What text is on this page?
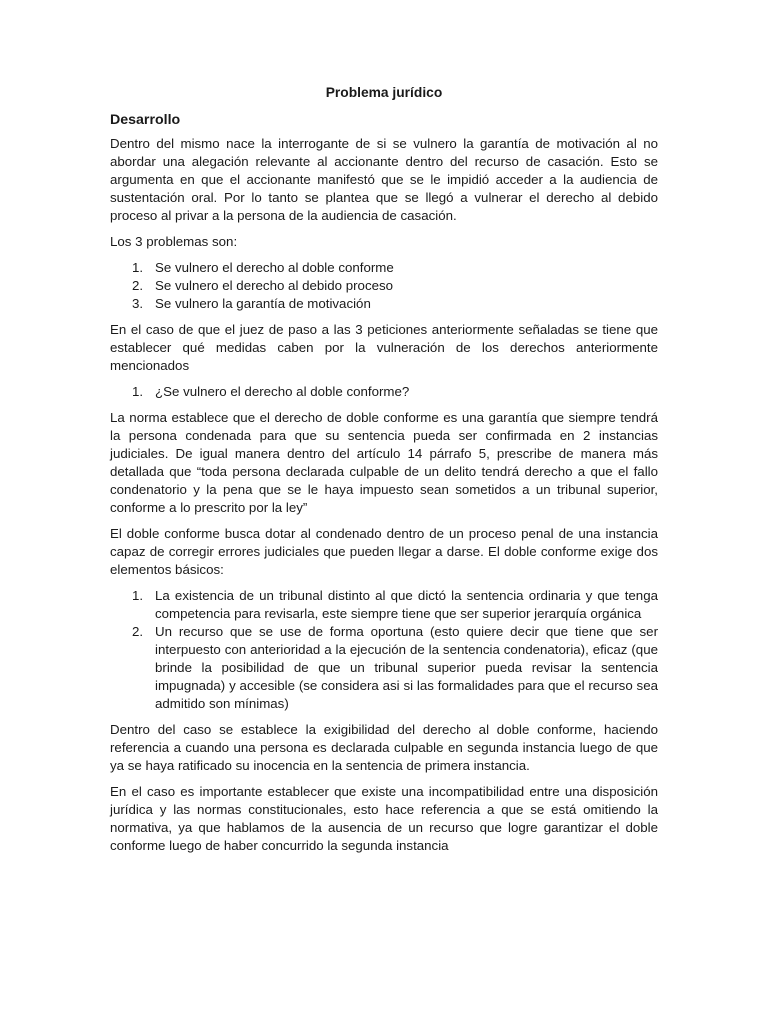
Problema jurídico
Desarrollo

Dentro del mismo nace la interrogante de si se vulnero la garantía de motivación al no abordar una alegación relevante al accionante dentro del recurso de casación. Esto se argumenta en que el accionante manifestó que se le impidió acceder a la audiencia de sustentación oral. Por lo tanto se plantea que se llegó a vulnerar el derecho al debido proceso al privar a la persona de la audiencia de casación.

Los 3 problemas son:

1. Se vulnero el derecho al doble conforme
2. Se vulnero el derecho al debido proceso
3. Se vulnero la garantía de motivación

En el caso de que el juez de paso a las 3 peticiones anteriormente señaladas se tiene que establecer qué medidas caben por la vulneración de los derechos anteriormente mencionados

1. ¿Se vulnero el derecho al doble conforme?

La norma establece que el derecho de doble conforme es una garantía que siempre tendrá la persona condenada para que su sentencia pueda ser confirmada en 2 instancias judiciales. De igual manera dentro del artículo 14 párrafo 5, prescribe de manera más detallada que “toda persona declarada culpable de un delito tendrá derecho a que el fallo condenatorio y la pena que se le haya impuesto sean sometidos a un tribunal superior, conforme a lo prescrito por la ley”

El doble conforme busca dotar al condenado dentro de un proceso penal de una instancia capaz de corregir errores judiciales que pueden llegar a darse. El doble conforme exige dos elementos básicos:

1. La existencia de un tribunal distinto al que dictó la sentencia ordinaria y que tenga competencia para revisarla, este siempre tiene que ser superior jerarquía orgánica
2. Un recurso que se use de forma oportuna (esto quiere decir que tiene que ser interpuesto con anterioridad a la ejecución de la sentencia condenatoria), eficaz (que brinde la posibilidad de que un tribunal superior pueda revisar la sentencia impugnada) y accesible (se considera asi si las formalidades para que el recurso sea admitido son mínimas)

Dentro del caso se establece la exigibilidad del derecho al doble conforme, haciendo referencia a cuando una persona es declarada culpable en segunda instancia luego de que ya se haya ratificado su inocencia en la sentencia de primera instancia.

En el caso es importante establecer que existe una incompatibilidad entre una disposición jurídica y las normas constitucionales, esto hace referencia a que se está omitiendo la normativa, ya que hablamos de la ausencia de un recurso que logre garantizar el doble conforme luego de haber concurrido la segunda instancia
